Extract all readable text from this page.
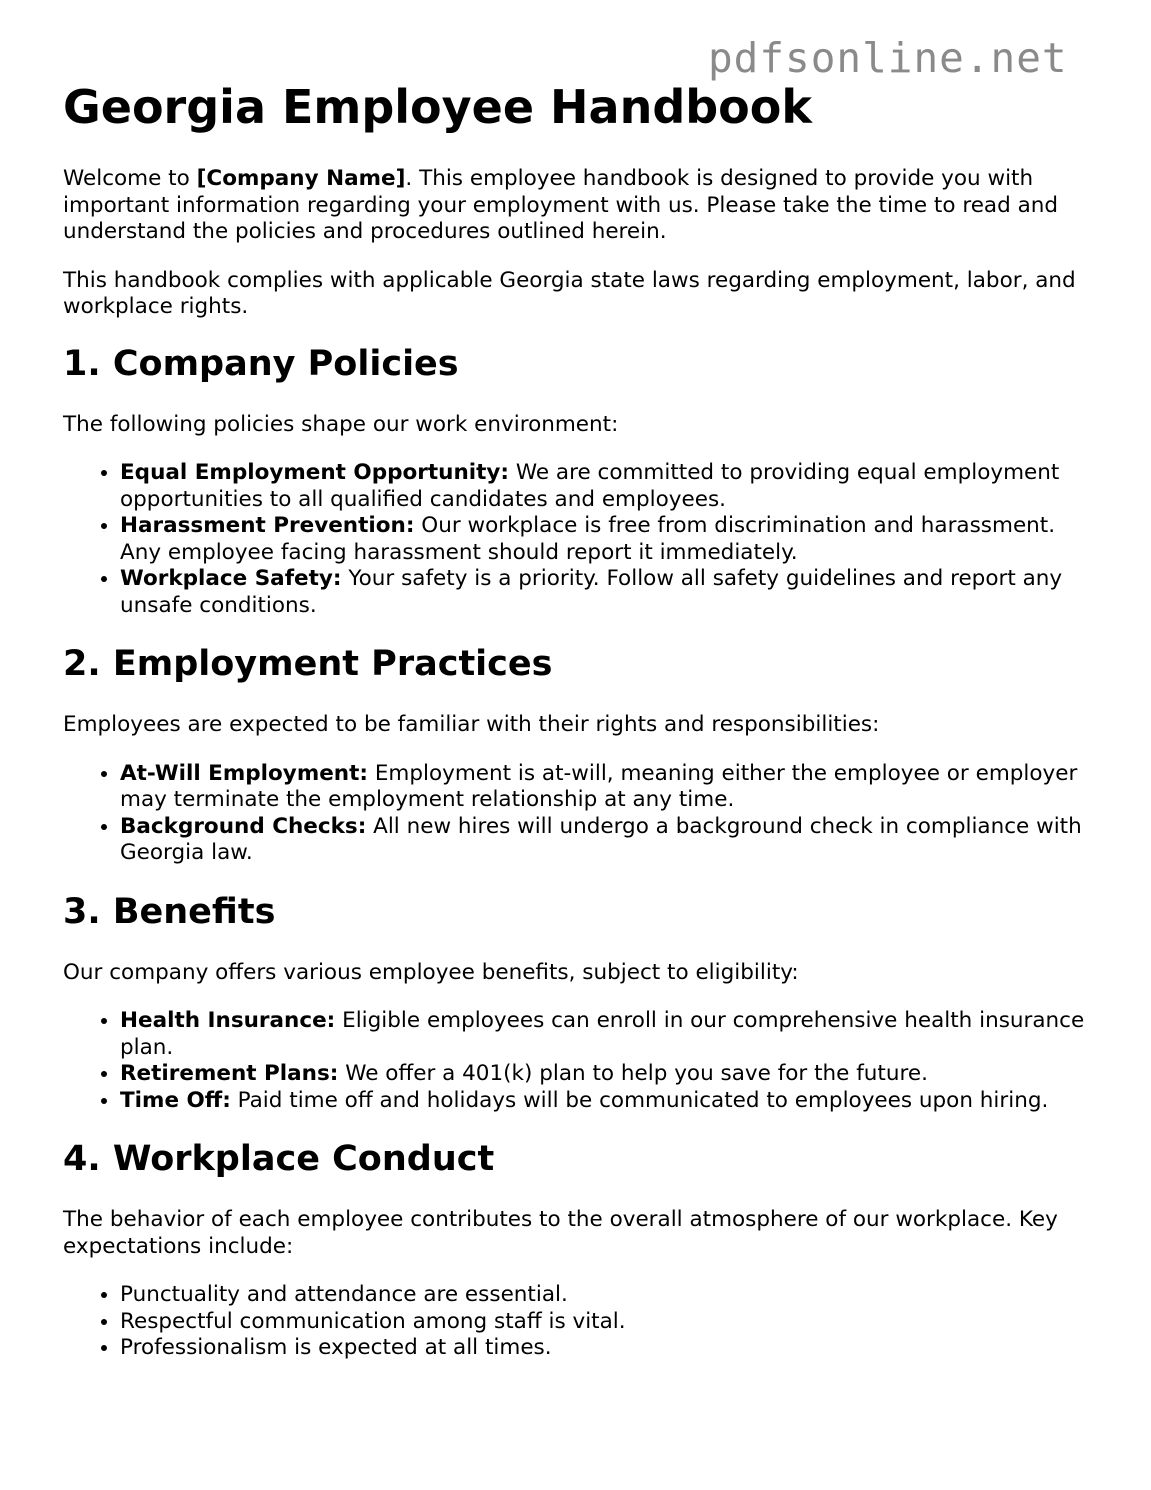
pdfsonline.net
Georgia Employee Handbook

Welcome to [Company Name]. This employee handbook is designed to provide you with important information regarding your employment with us. Please take the time to read and understand the policies and procedures outlined herein.

This handbook complies with applicable Georgia state laws regarding employment, labor, and workplace rights.

1. Company Policies

The following policies shape our work environment:

• Equal Employment Opportunity: We are committed to providing equal employment opportunities to all qualified candidates and employees.
• Harassment Prevention: Our workplace is free from discrimination and harassment. Any employee facing harassment should report it immediately.
• Workplace Safety: Your safety is a priority. Follow all safety guidelines and report any unsafe conditions.
2. Employment Practices

Employees are expected to be familiar with their rights and responsibilities:

• At-Will Employment: Employment is at-will, meaning either the employee or employer may terminate the employment relationship at any time.
• Background Checks: All new hires will undergo a background check in compliance with Georgia law.
3. Benefits

Our company offers various employee benefits, subject to eligibility:

• Health Insurance: Eligible employees can enroll in our comprehensive health insurance plan.
• Retirement Plans: We offer a 401(k) plan to help you save for the future.
• Time Off: Paid time off and holidays will be communicated to employees upon hiring.
4. Workplace Conduct

The behavior of each employee contributes to the overall atmosphere of our workplace. Key expectations include:

• Punctuality and attendance are essential.
• Respectful communication among staff is vital.
• Professionalism is expected at all times.
